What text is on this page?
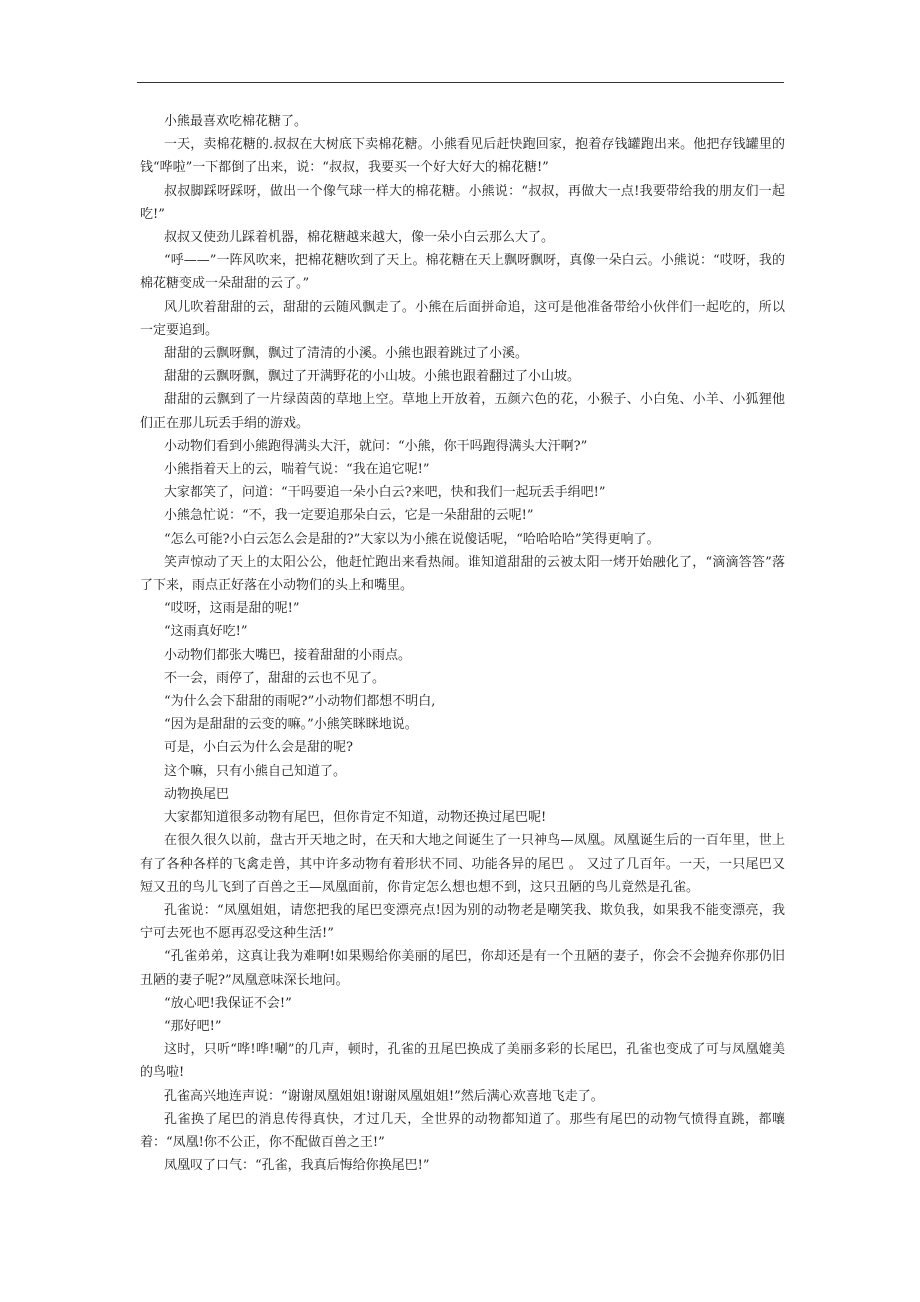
小熊最喜欢吃棉花糖了。

一天，卖棉花糖的.叔叔在大树底下卖棉花糖。小熊看见后赶快跑回家，抱着存钱罐跑出来。他把存钱罐里的钱“哗啦”一下都倒了出来，说：“叔叔，我要买一个好大好大的棉花糖!”

叔叔脚踩呀踩呀，做出一个像气球一样大的棉花糖。小熊说：“叔叔，再做大一点!我要带给我的朋友们一起吃!”

叔叔又使劲儿踩着机器，棉花糖越来越大，像一朵小白云那么大了。

“呼——”一阵风吹来，把棉花糖吹到了天上。棉花糖在天上飘呀飘呀，真像一朵白云。小熊说：“哎呀，我的棉花糖变成一朵甜甜的云了。”

风儿吹着甜甜的云，甜甜的云随风飘走了。小熊在后面拼命追，这可是他准备带给小伙伴们一起吃的，所以一定要追到。

甜甜的云飘呀飘，飘过了清清的小溪。小熊也跟着跳过了小溪。

甜甜的云飘呀飘，飘过了开满野花的小山坡。小熊也跟着翻过了小山坡。

甜甜的云飘到了一片绿茵茵的草地上空。草地上开放着，五颜六色的花，小猴子、小白兔、小羊、小狐狸他们正在那儿玩丢手绢的游戏。

小动物们看到小熊跑得满头大汗，就问：“小熊，你干吗跑得满头大汗啊?”

小熊指着天上的云，喘着气说：“我在追它呢!”

大家都笑了，问道：“干吗要追一朵小白云?来吧，快和我们一起玩丢手绢吧!”

小熊急忙说：“不，我一定要追那朵白云，它是一朵甜甜的云呢!”

“怎么可能?小白云怎么会是甜的?”大家以为小熊在说傻话呢，“哈哈哈哈”笑得更响了。

笑声惊动了天上的太阳公公，他赶忙跑出来看热闹。谁知道甜甜的云被太阳一烤开始融化了，“滴滴答答”落了下来，雨点正好落在小动物们的头上和嘴里。

“哎呀，这雨是甜的呢!”

“这雨真好吃!”

小动物们都张大嘴巴，接着甜甜的小雨点。

不一会，雨停了，甜甜的云也不见了。

“为什么会下甜甜的雨呢?”小动物们都想不明白,

“因为是甜甜的云变的嘛。”小熊笑眯眯地说。

可是，小白云为什么会是甜的呢?

这个嘛，只有小熊自己知道了。

动物换尾巴

大家都知道很多动物有尾巴，但你肯定不知道，动物还换过尾巴呢!

在很久很久以前，盘古开天地之时，在天和大地之间诞生了一只神鸟—凤凰。凤凰诞生后的一百年里，世上有了各种各样的飞禽走兽，其中许多动物有着形状不同、功能各异的尾巴 。 又过了几百年。一天，一只尾巴又短又丑的鸟儿飞到了百兽之王—凤凰面前，你肯定怎么想也想不到，这只丑陋的鸟儿竟然是孔雀。

孔雀说：“凤凰姐姐，请您把我的尾巴变漂亮点!因为别的动物老是嘲笑我、欺负我，如果我不能变漂亮，我宁可去死也不愿再忍受这种生活!”

“孔雀弟弟，这真让我为难啊!如果赐给你美丽的尾巴，你却还是有一个丑陋的妻子，你会不会抛弃你那仍旧丑陋的妻子呢?”凤凰意味深长地问。

“放心吧!我保证不会!”

“那好吧!”

这时，只听“哗!哗!唰”的几声，顿时，孔雀的丑尾巴换成了美丽多彩的长尾巴，孔雀也变成了可与凤凰媲美的鸟啦!

孔雀高兴地连声说：“谢谢凤凰姐姐!谢谢凤凰姐姐!”然后满心欢喜地飞走了。

孔雀换了尾巴的消息传得真快，才过几天，全世界的动物都知道了。那些有尾巴的动物气愤得直跳，都嚷着：“凤凰!你不公正，你不配做百兽之王!”

凤凰叹了口气：“孔雀，我真后悔给你换尾巴!”
